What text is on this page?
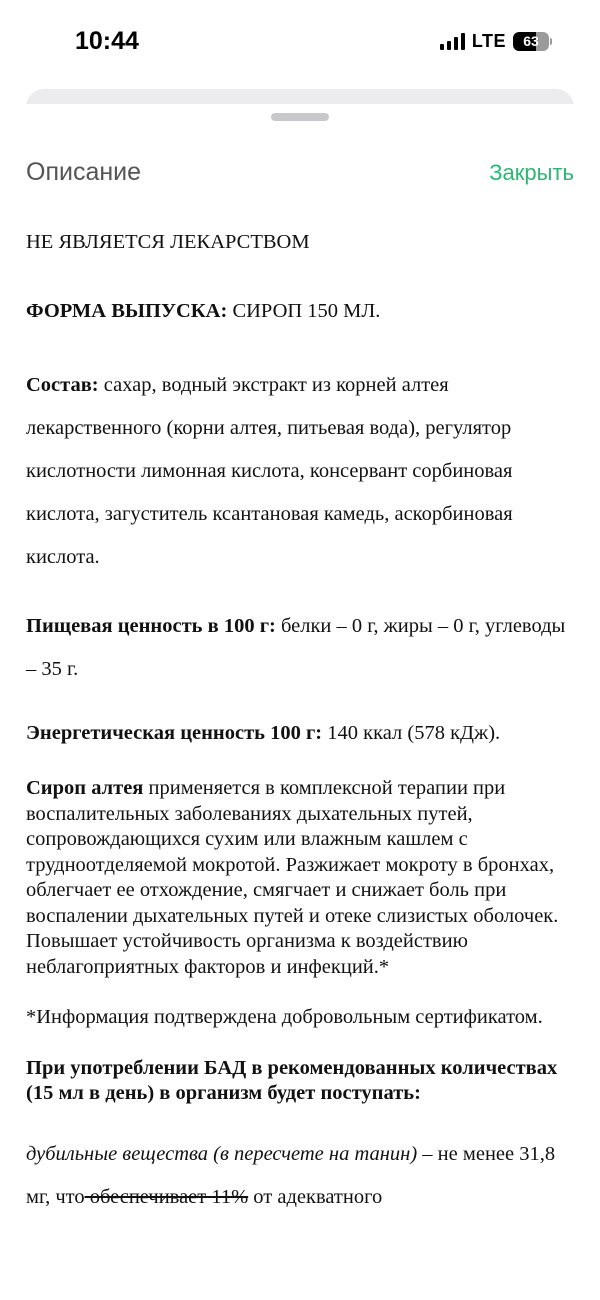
10:44	LTE	63
Описание	Закрыть

НЕ ЯВЛЯЕТСЯ ЛЕКАРСТВОМ

ФОРМА ВЫПУСКА: СИРОП 150 МЛ.

Состав: сахар, водный экстракт из корней алтея лекарственного (корни алтея, питьевая вода), регулятор кислотности лимонная кислота, консервант сорбиновая кислота, загуститель ксантановая камедь, аскорбиновая кислота.

Пищевая ценность в 100 г: белки – 0 г, жиры – 0 г, углеводы – 35 г.

Энергетическая ценность 100 г: 140 ккал (578 кДж).

Сироп алтея применяется в комплексной терапии при воспалительных заболеваниях дыхательных путей, сопровождающихся сухим или влажным кашлем с трудноотделяемой мокротой. Разжижает мокроту в бронхах, облегчает ее отхождение, смягчает и снижает боль при воспалении дыхательных путей и отеке слизистых оболочек. Повышает устойчивость организма к воздействию неблагоприятных факторов и инфекций.*

*Информация подтверждена добровольным сертификатом.

При употреблении БАД в рекомендованных количествах (15 мл в день) в организм будет поступать:

дубильные вещества (в пересчете на танин) – не менее 31,8 мг, что обеспечивает 11% от адекватного
